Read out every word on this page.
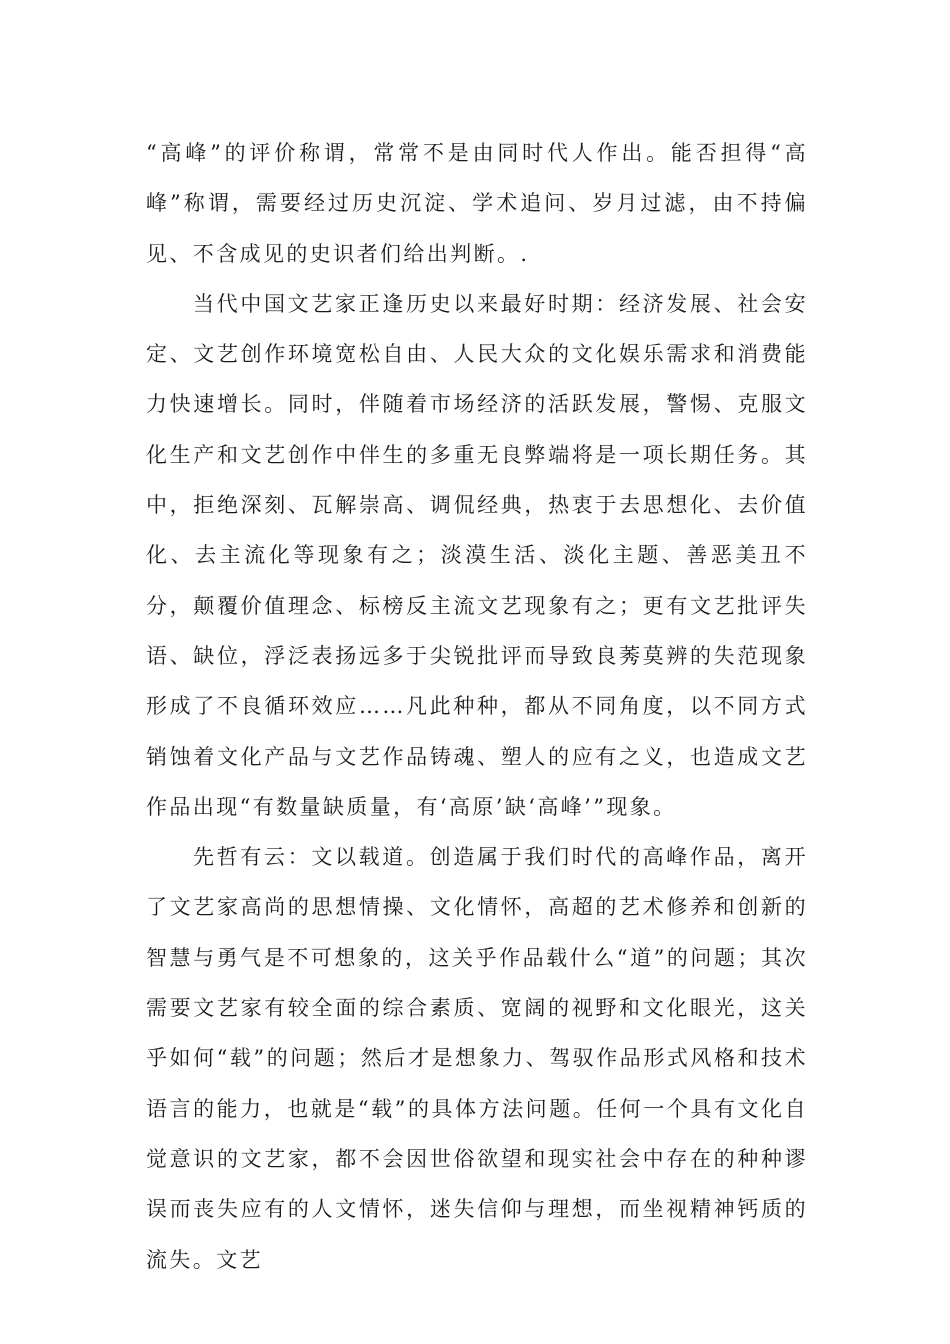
“高峰”的评价称谓，常常不是由同时代人作出。能否担得“高峰”称谓，需要经过历史沉淀、学术追问、岁月过滤，由不持偏见、不含成见的史识者们给出判断。.

当代中国文艺家正逢历史以来最好时期：经济发展、社会安定、文艺创作环境宽松自由、人民大众的文化娱乐需求和消费能力快速增长。同时，伴随着市场经济的活跃发展，警惕、克服文化生产和文艺创作中伴生的多重无良弊端将是一项长期任务。其中，拒绝深刻、瓦解崇高、调侃经典，热衷于去思想化、去价值化、去主流化等现象有之；淡漠生活、淡化主题、善恶美丑不分，颠覆价值理念、标榜反主流文艺现象有之；更有文艺批评失语、缺位，浮泛表扬远多于尖锐批评而导致良莠莫辨的失范现象形成了不良循环效应……凡此种种，都从不同角度，以不同方式销蚀着文化产品与文艺作品铸魂、塑人的应有之义，也造成文艺作品出现“有数量缺质量，有‘高原’缺‘高峰’”现象。

先哲有云：文以载道。创造属于我们时代的高峰作品，离开了文艺家高尚的思想情操、文化情怀，高超的艺术修养和创新的智慧与勇气是不可想象的，这关乎作品载什么“道”的问题；其次需要文艺家有较全面的综合素质、宽阔的视野和文化眼光，这关乎如何“载”的问题；然后才是想象力、驾驭作品形式风格和技术语言的能力，也就是“载”的具体方法问题。任何一个具有文化自觉意识的文艺家，都不会因世俗欲望和现实社会中存在的种种谬误而丧失应有的人文情怀，迷失信仰与理想，而坐视精神钙质的流失。文艺
